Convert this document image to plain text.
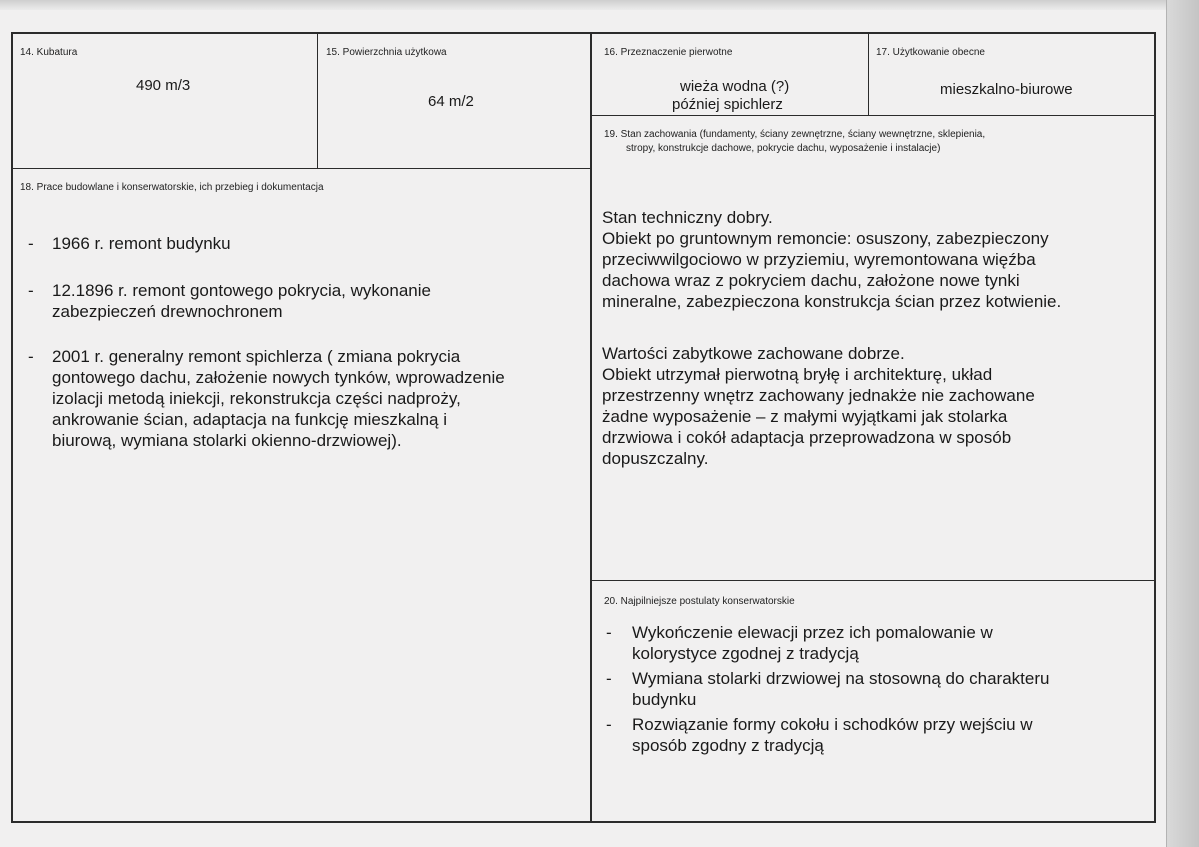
14. Kubatura
490 m/3
15. Powierzchnia użytkowa
64 m/2
16. Przeznaczenie pierwotne
wieża wodna (?)
później spichlerz
17. Użytkowanie obecne
mieszkalno-biurowe
19. Stan zachowania (fundamenty, ściany zewnętrzne, ściany wewnętrzne, sklepienia,
stropy, konstrukcje dachowe, pokrycie dachu, wyposażenie i instalacje)
18. Prace budowlane i konserwatorskie, ich przebieg i dokumentacja
- 1966 r. remont budynku
- 12.1896 r. remont gontowego pokrycia, wykonanie
zabezpieczeń drewnochronem
- 2001 r. generalny remont spichlerza ( zmiana pokrycia
gontowego dachu, założenie nowych tynków, wprowadzenie
izolacji metodą iniekcji, rekonstrukcja części nadproży,
ankrowanie ścian, adaptacja na funkcję mieszkalną i
biurową, wymiana stolarki okienno-drzwiowej).
Stan techniczny dobry.
Obiekt po gruntownym remoncie: osuszony, zabezpieczony
przeciwwilgociowo w przyziemiu, wyremontowana więźba
dachowa wraz z pokryciem dachu, założone nowe tynki
mineralne, zabezpieczona konstrukcja ścian przez kotwienie.
Wartości zabytkowe zachowane dobrze.
Obiekt utrzymał pierwotną bryłę i architekturę, układ
przestrzenny wnętrz zachowany jednakże nie zachowane
żadne wyposażenie – z małymi wyjątkami jak stolarka
drzwiowa i cokół adaptacja przeprowadzona w sposób
dopuszczalny.
20. Najpilniejsze postulaty konserwatorskie
- Wykończenie elewacji przez ich pomalowanie w
kolorystyce zgodnej z tradycją
- Wymiana stolarki drzwiowej na stosowną do charakteru
budynku
- Rozwiązanie formy cokołu i schodków przy wejściu w
sposób zgodny z tradycją
